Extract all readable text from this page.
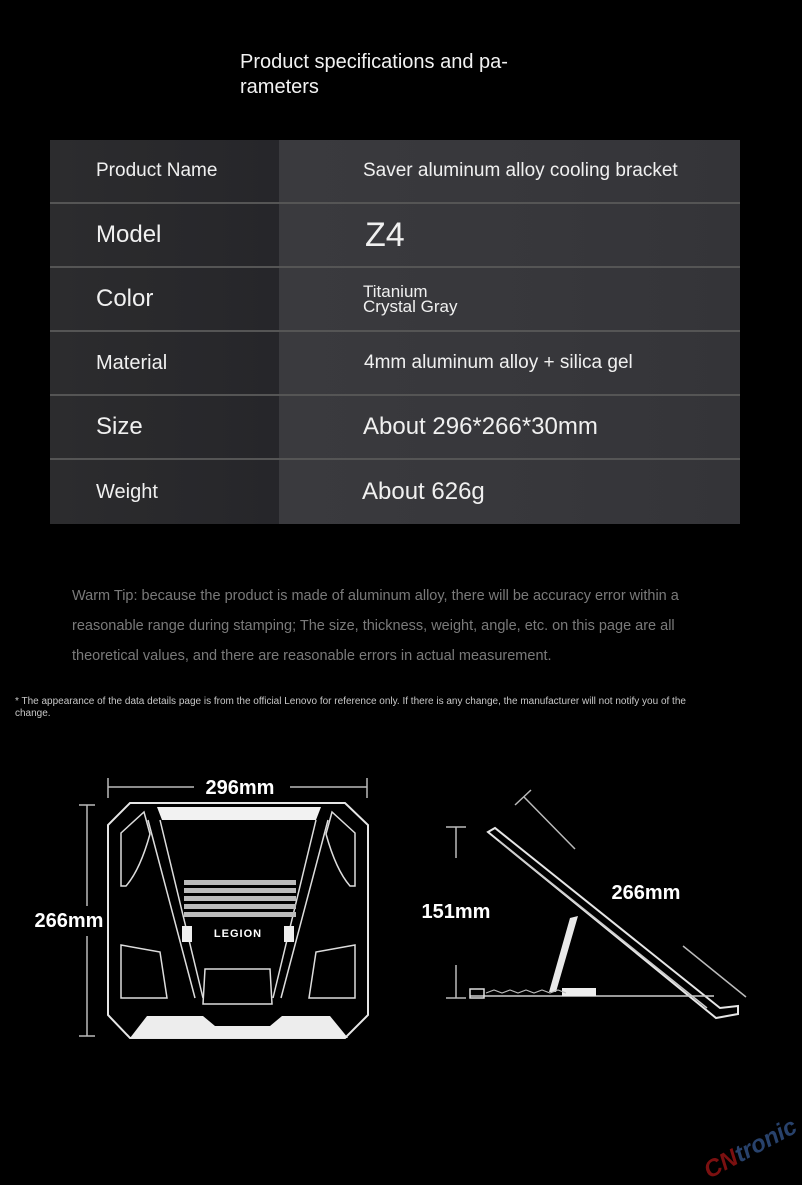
Product specifications and pa-
rameters
Product Name	Saver aluminum alloy cooling bracket
Model	Z4
Color	Titanium
Crystal Gray
Material	4mm aluminum alloy + silica gel
Size	About 296*266*30mm
Weight	About 626g
Warm Tip: because the product is made of aluminum alloy, there will be accuracy error within a
reasonable range during stamping; The size, thickness, weight, angle, etc. on this page are all
theoretical values, and there are reasonable errors in actual measurement.
* The appearance of the data details page is from the official Lenovo for reference only. If there is any change, the manufacturer will not notify you of the
change.
296mm
266mm
LEGION
151mm
266mm
CNtronic
